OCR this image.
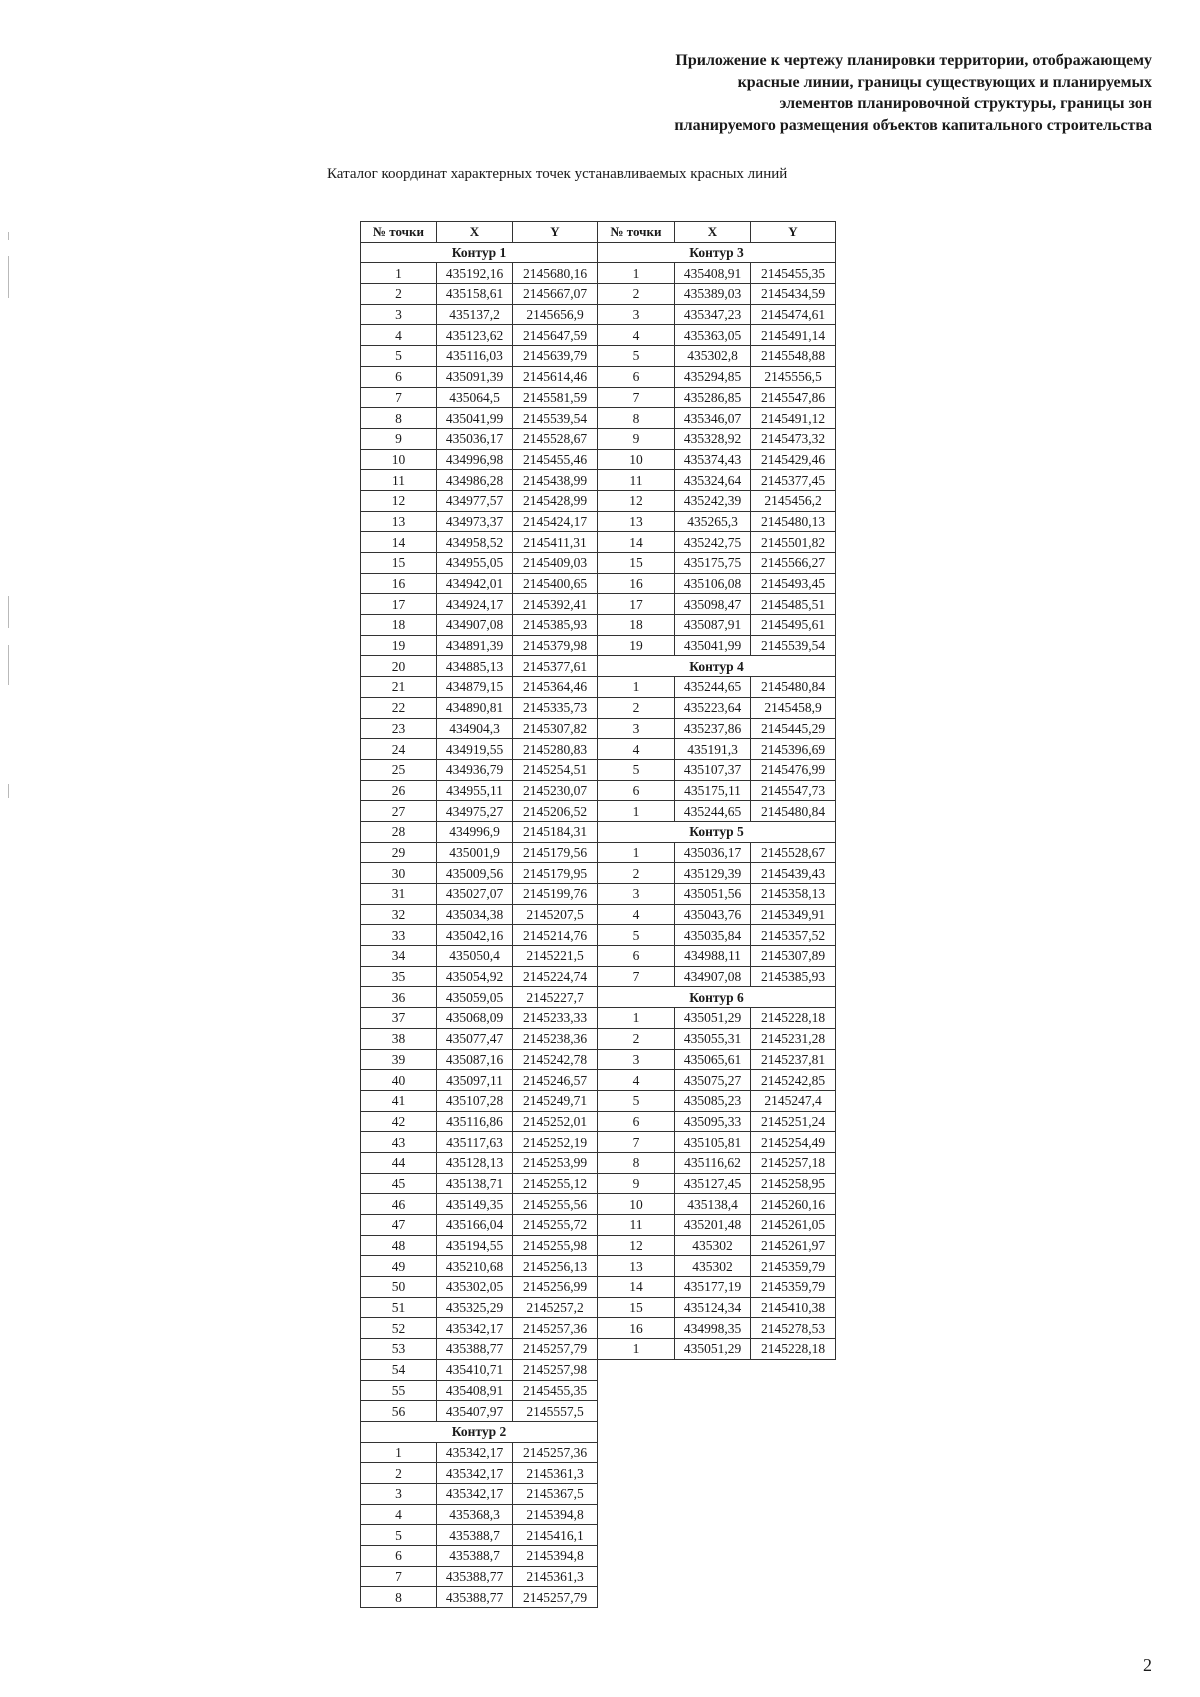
Приложение к чертежу планировки территории, отображающему
красные линии, границы существующих и планируемых
элементов планировочной структуры, границы зон
планируемого размещения объектов капитального строительства
Каталог координат характерных точек устанавливаемых красных линий
№ точки	X	Y
Контур 1		
1	435192,16	2145680,16
2	435158,61	2145667,07
3	435137,2	2145656,9
4	435123,62	2145647,59
5	435116,03	2145639,79
6	435091,39	2145614,46
7	435064,5	2145581,59
8	435041,99	2145539,54
9	435036,17	2145528,67
10	434996,98	2145455,46
11	434986,28	2145438,99
12	434977,57	2145428,99
13	434973,37	2145424,17
14	434958,52	2145411,31
15	434955,05	2145409,03
16	434942,01	2145400,65
17	434924,17	2145392,41
18	434907,08	2145385,93
19	434891,39	2145379,98
20	434885,13	2145377,61
21	434879,15	2145364,46
22	434890,81	2145335,73
23	434904,3	2145307,82
24	434919,55	2145280,83
25	434936,79	2145254,51
26	434955,11	2145230,07
27	434975,27	2145206,52
28	434996,9	2145184,31
29	435001,9	2145179,56
30	435009,56	2145179,95
31	435027,07	2145199,76
32	435034,38	2145207,5
33	435042,16	2145214,76
34	435050,4	2145221,5
35	435054,92	2145224,74
36	435059,05	2145227,7
37	435068,09	2145233,33
38	435077,47	2145238,36
39	435087,16	2145242,78
40	435097,11	2145246,57
41	435107,28	2145249,71
42	435116,86	2145252,01
43	435117,63	2145252,19
44	435128,13	2145253,99
45	435138,71	2145255,12
46	435149,35	2145255,56
47	435166,04	2145255,72
48	435194,55	2145255,98
49	435210,68	2145256,13
50	435302,05	2145256,99
51	435325,29	2145257,2
52	435342,17	2145257,36
53	435388,77	2145257,79
54	435410,71	2145257,98
55	435408,91	2145455,35
56	435407,97	2145557,5
Контур 2		
1	435342,17	2145257,36
2	435342,17	2145361,3
3	435342,17	2145367,5
4	435368,3	2145394,8
5	435388,7	2145416,1
6	435388,7	2145394,8
7	435388,77	2145361,3
8	435388,77	2145257,79
№ точки	X	Y
Контур 3		
1	435408,91	2145455,35
2	435389,03	2145434,59
3	435347,23	2145474,61
4	435363,05	2145491,14
5	435302,8	2145548,88
6	435294,85	2145556,5
7	435286,85	2145547,86
8	435346,07	2145491,12
9	435328,92	2145473,32
10	435374,43	2145429,46
11	435324,64	2145377,45
12	435242,39	2145456,2
13	435265,3	2145480,13
14	435242,75	2145501,82
15	435175,75	2145566,27
16	435106,08	2145493,45
17	435098,47	2145485,51
18	435087,91	2145495,61
19	435041,99	2145539,54
Контур 4		
1	435244,65	2145480,84
2	435223,64	2145458,9
3	435237,86	2145445,29
4	435191,3	2145396,69
5	435107,37	2145476,99
6	435175,11	2145547,73
1	435244,65	2145480,84
Контур 5		
1	435036,17	2145528,67
2	435129,39	2145439,43
3	435051,56	2145358,13
4	435043,76	2145349,91
5	435035,84	2145357,52
6	434988,11	2145307,89
7	434907,08	2145385,93
Контур 6		
1	435051,29	2145228,18
2	435055,31	2145231,28
3	435065,61	2145237,81
4	435075,27	2145242,85
5	435085,23	2145247,4
6	435095,33	2145251,24
7	435105,81	2145254,49
8	435116,62	2145257,18
9	435127,45	2145258,95
10	435138,4	2145260,16
11	435201,48	2145261,05
12	435302	2145261,97
13	435302	2145359,79
14	435177,19	2145359,79
15	435124,34	2145410,38
16	434998,35	2145278,53
1	435051,29	2145228,18
2
